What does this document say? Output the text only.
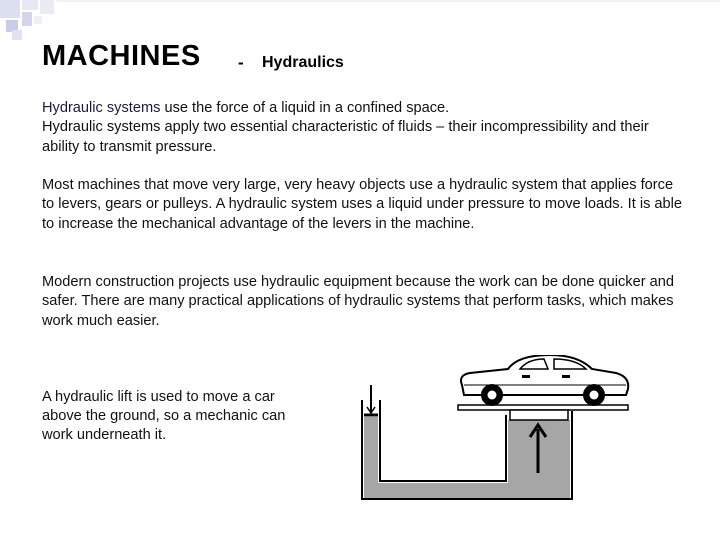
MACHINES - Hydraulics
Hydraulic systems use the force of a liquid in a confined space.
Hydraulic systems apply two essential characteristic of fluids – their incompressibility and their ability to transmit pressure.
Most machines that move very large, very heavy objects use a hydraulic system that applies force to levers, gears or pulleys. A hydraulic system uses a liquid under pressure to move loads. It is able to increase the mechanical advantage of the levers in the machine.
Modern construction projects use hydraulic equipment because the work can be done quicker and safer. There are many practical applications of hydraulic systems that perform tasks, which makes work much easier.
A hydraulic lift is used to move a car above the ground, so a mechanic can work underneath it.
